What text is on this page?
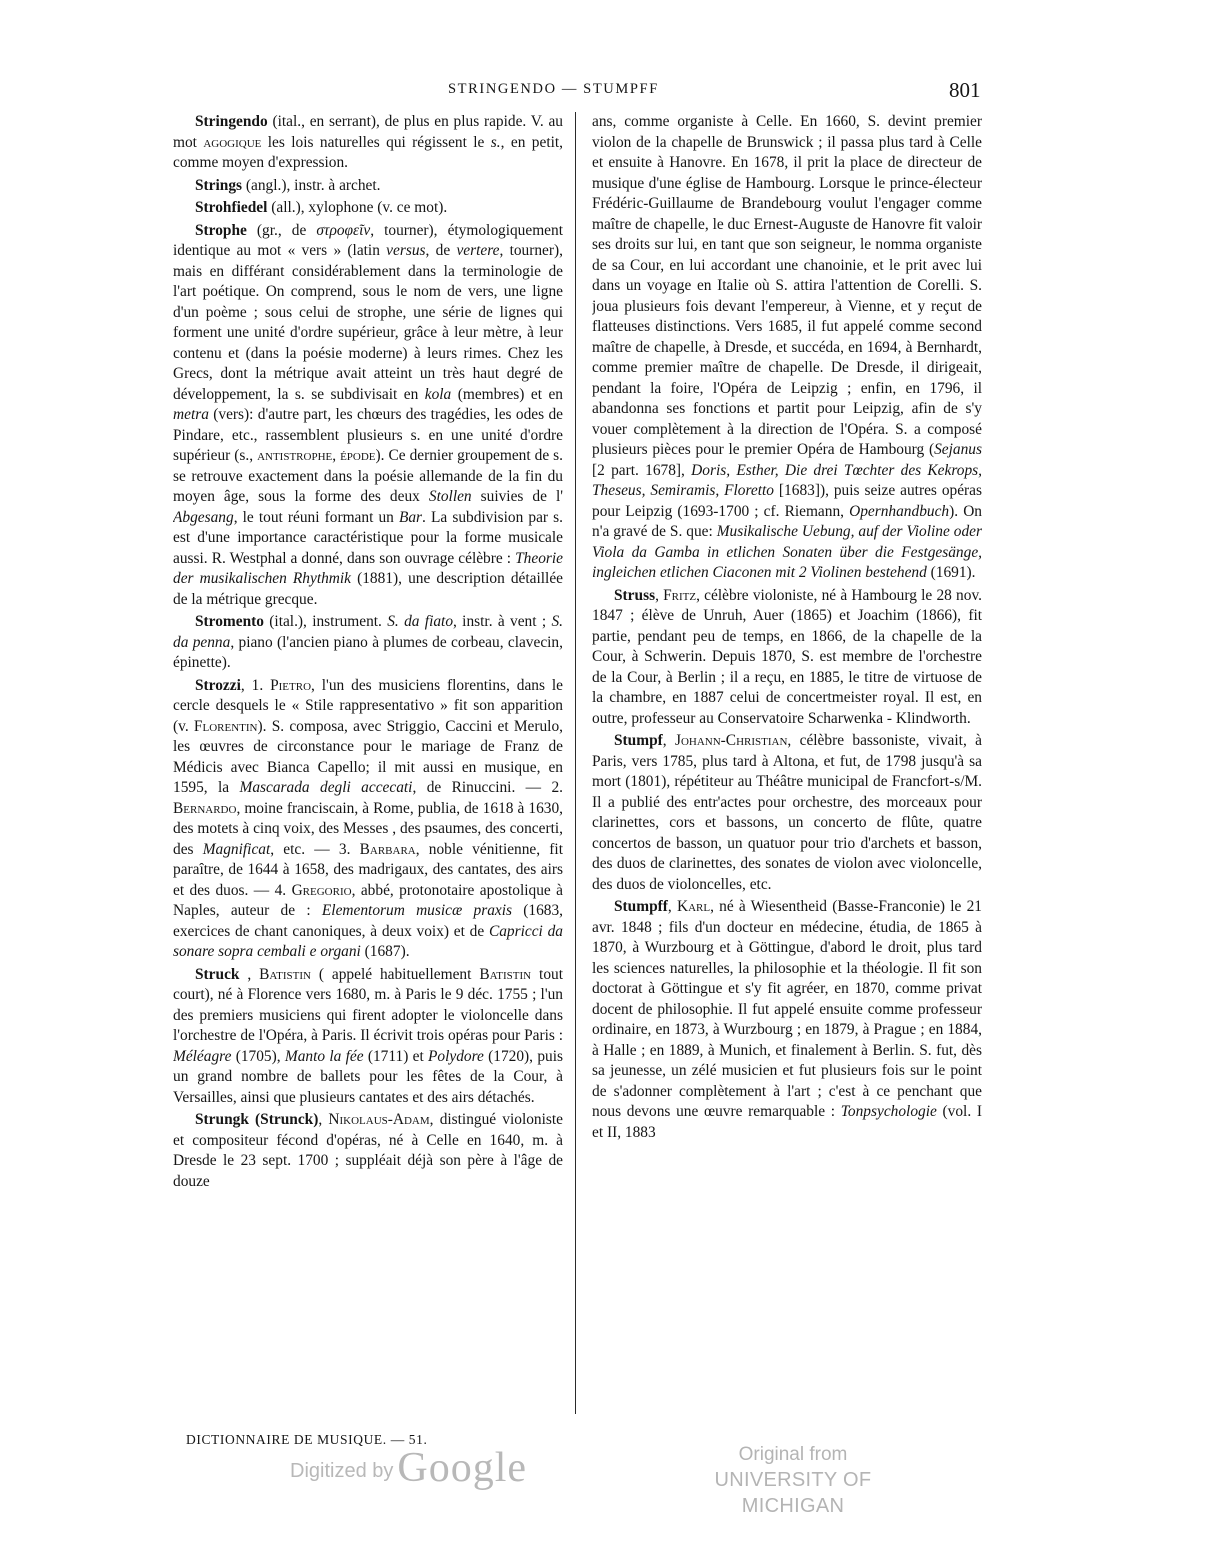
STRINGENDO — STUMPFF	801

Stringendo (ital., en serrant), de plus en plus rapide. V. au mot agogique les lois naturelles qui régissent le s., en petit, comme moyen d'expression.

Strings (angl.), instr. à archet.

Strohfiedel (all.), xylophone (v. ce mot).

Strophe (gr., de στροφεῖν, tourner), étymologiquement identique au mot « vers » (latin versus, de vertere, tourner), mais en différant considérablement dans la terminologie de l'art poétique. On comprend, sous le nom de vers, une ligne d'un poème ; sous celui de strophe, une série de lignes qui forment une unité d'ordre supérieur, grâce à leur mètre, à leur contenu et (dans la poésie moderne) à leurs rimes. Chez les Grecs, dont la métrique avait atteint un très haut degré de développement, la s. se subdivisait en kola (membres) et en metra (vers): d'autre part, les chœurs des tragédies, les odes de Pindare, etc., rassemblent plusieurs s. en une unité d'ordre supérieur (s., antistrophe, épode). Ce dernier groupement de s. se retrouve exactement dans la poésie allemande de la fin du moyen âge, sous la forme des deux Stollen suivies de l' Abgesang, le tout réuni formant un Bar. La subdivision par s. est d'une importance caractéristique pour la forme musicale aussi. R. Westphal a donné, dans son ouvrage célèbre : Theorie der musikalischen Rhythmik (1881), une description détaillée de la métrique grecque.

Stromento (ital.), instrument. S. da fiato, instr. à vent ; S. da penna, piano (l'ancien piano à plumes de corbeau, clavecin, épinette).

Strozzi, 1. Pietro, l'un des musiciens florentins, dans le cercle desquels le « Stile rappresentativo » fit son apparition (v. Florentin). S. composa, avec Striggio, Caccini et Merulo, les œuvres de circonstance pour le mariage de Franz de Médicis avec Bianca Capello; il mit aussi en musique, en 1595, la Mascarada degli accecati, de Rinuccini. — 2. Bernardo, moine franciscain, à Rome, publia, de 1618 à 1630, des motets à cinq voix, des Messes , des psaumes, des concerti, des Magnificat, etc. — 3. Barbara, noble vénitienne, fit paraître, de 1644 à 1658, des madrigaux, des cantates, des airs et des duos. — 4. Gregorio, abbé, protonotaire apostolique à Naples, auteur de : Elementorum musicæ praxis (1683, exercices de chant canoniques, à deux voix) et de Capricci da sonare sopra cembali e organi (1687).

Struck , Batistin ( appelé habituellement Batistin tout court), né à Florence vers 1680, m. à Paris le 9 déc. 1755 ; l'un des premiers musiciens qui firent adopter le violoncelle dans l'orchestre de l'Opéra, à Paris. Il écrivit trois opéras pour Paris : Méléagre (1705), Manto la fée (1711) et Polydore (1720), puis un grand nombre de ballets pour les fêtes de la Cour, à Versailles, ainsi que plusieurs cantates et des airs détachés.

Strungk (Strunck), Nikolaus-Adam, distingué violoniste et compositeur fécond d'opéras, né à Celle en 1640, m. à Dresde le 23 sept. 1700 ; suppléait déjà son père à l'âge de douze

ans, comme organiste à Celle. En 1660, S. devint premier violon de la chapelle de Brunswick ; il passa plus tard à Celle et ensuite à Hanovre. En 1678, il prit la place de directeur de musique d'une église de Hambourg. Lorsque le prince-électeur Frédéric-Guillaume de Brandebourg voulut l'engager comme maître de chapelle, le duc Ernest-Auguste de Hanovre fit valoir ses droits sur lui, en tant que son seigneur, le nomma organiste de sa Cour, en lui accordant une chanoinie, et le prit avec lui dans un voyage en Italie où S. attira l'attention de Corelli. S. joua plusieurs fois devant l'empereur, à Vienne, et y reçut de flatteuses distinctions. Vers 1685, il fut appelé comme second maître de chapelle, à Dresde, et succéda, en 1694, à Bernhardt, comme premier maître de chapelle. De Dresde, il dirigeait, pendant la foire, l'Opéra de Leipzig ; enfin, en 1796, il abandonna ses fonctions et partit pour Leipzig, afin de s'y vouer complètement à la direction de l'Opéra. S. a composé plusieurs pièces pour le premier Opéra de Hambourg (Sejanus [2 part. 1678], Doris, Esther, Die drei Tœchter des Kekrops, Theseus, Semiramis, Floretto [1683]), puis seize autres opéras pour Leipzig (1693-1700 ; cf. Riemann, Opernhandbuch). On n'a gravé de S. que: Musikalische Uebung, auf der Violine oder Viola da Gamba in etlichen Sonaten über die Festgesänge, ingleichen etlichen Ciaconen mit 2 Violinen bestehend (1691).

Struss, Fritz, célèbre violoniste, né à Hambourg le 28 nov. 1847 ; élève de Unruh, Auer (1865) et Joachim (1866), fit partie, pendant peu de temps, en 1866, de la chapelle de la Cour, à Schwerin. Depuis 1870, S. est membre de l'orchestre de la Cour, à Berlin ; il a reçu, en 1885, le titre de virtuose de la chambre, en 1887 celui de concertmeister royal. Il est, en outre, professeur au Conservatoire Scharwenka - Klindworth.

Stumpf, Johann-Christian, célèbre bassoniste, vivait, à Paris, vers 1785, plus tard à Altona, et fut, de 1798 jusqu'à sa mort (1801), répétiteur au Théâtre municipal de Francfort-s/M. Il a publié des entr'actes pour orchestre, des morceaux pour clarinettes, cors et bassons, un concerto de flûte, quatre concertos de basson, un quatuor pour trio d'archets et basson, des duos de clarinettes, des sonates de violon avec violoncelle, des duos de violoncelles, etc.

Stumpff, Karl, né à Wiesentheid (Basse-Franconie) le 21 avr. 1848 ; fils d'un docteur en médecine, étudia, de 1865 à 1870, à Wurzbourg et à Göttingue, d'abord le droit, plus tard les sciences naturelles, la philosophie et la théologie. Il fit son doctorat à Göttingue et s'y fit agréer, en 1870, comme privat docent de philosophie. Il fut appelé ensuite comme professeur ordinaire, en 1873, à Wurzbourg ; en 1879, à Prague ; en 1884, à Halle ; en 1889, à Munich, et finalement à Berlin. S. fut, dès sa jeunesse, un zélé musicien et fut plusieurs fois sur le point de s'adonner complètement à l'art ; c'est à ce penchant que nous devons une œuvre remarquable : Tonpsychologie (vol. I et II, 1883

DICTIONNAIRE DE MUSIQUE. — 51.
Digitized byGoogle	Original from
UNIVERSITY OF MICHIGAN
